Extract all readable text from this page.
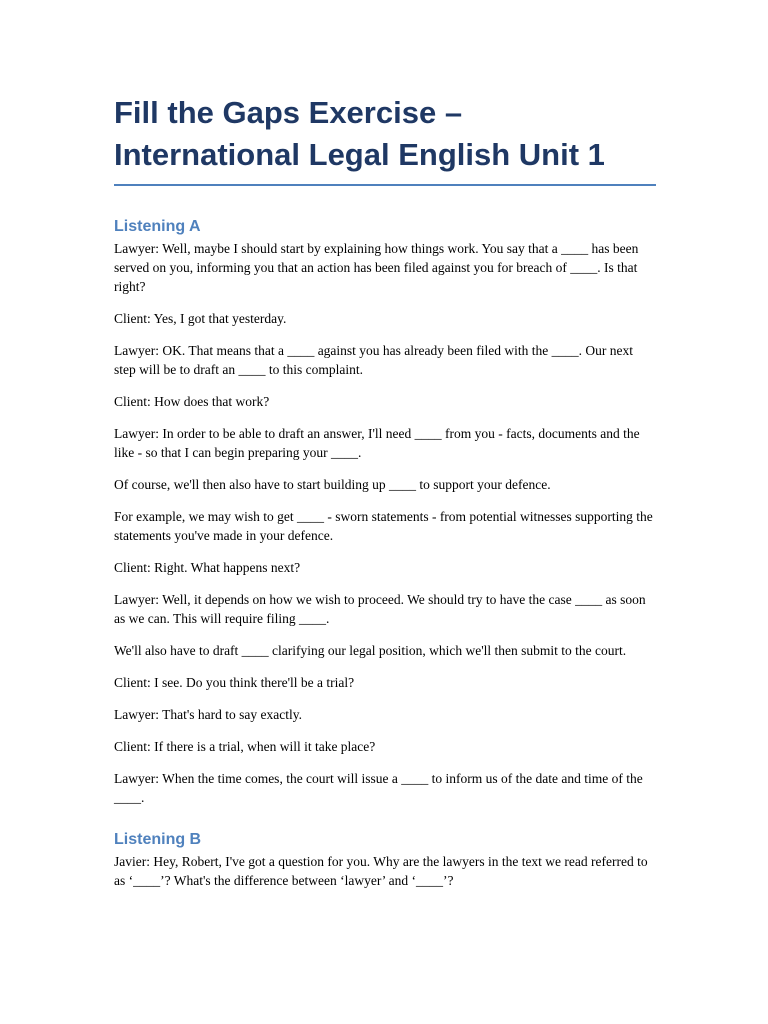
Fill the Gaps Exercise – International Legal English Unit 1
Listening A

Lawyer: Well, maybe I should start by explaining how things work. You say that a ____ has been served on you, informing you that an action has been filed against you for breach of ____. Is that right?

Client: Yes, I got that yesterday.

Lawyer: OK. That means that a ____ against you has already been filed with the ____. Our next step will be to draft an ____ to this complaint.

Client: How does that work?

Lawyer: In order to be able to draft an answer, I'll need ____ from you - facts, documents and the like - so that I can begin preparing your ____.

Of course, we'll then also have to start building up ____ to support your defence.

For example, we may wish to get ____ - sworn statements - from potential witnesses supporting the statements you've made in your defence.

Client: Right. What happens next?

Lawyer: Well, it depends on how we wish to proceed. We should try to have the case ____ as soon as we can. This will require filing ____.

We'll also have to draft ____ clarifying our legal position, which we'll then submit to the court.

Client: I see. Do you think there'll be a trial?

Lawyer: That's hard to say exactly.

Client: If there is a trial, when will it take place?

Lawyer: When the time comes, the court will issue a ____ to inform us of the date and time of the ____.

Listening B

Javier: Hey, Robert, I've got a question for you. Why are the lawyers in the text we read referred to as ‘____’? What's the difference between ‘lawyer’ and ‘____’?
